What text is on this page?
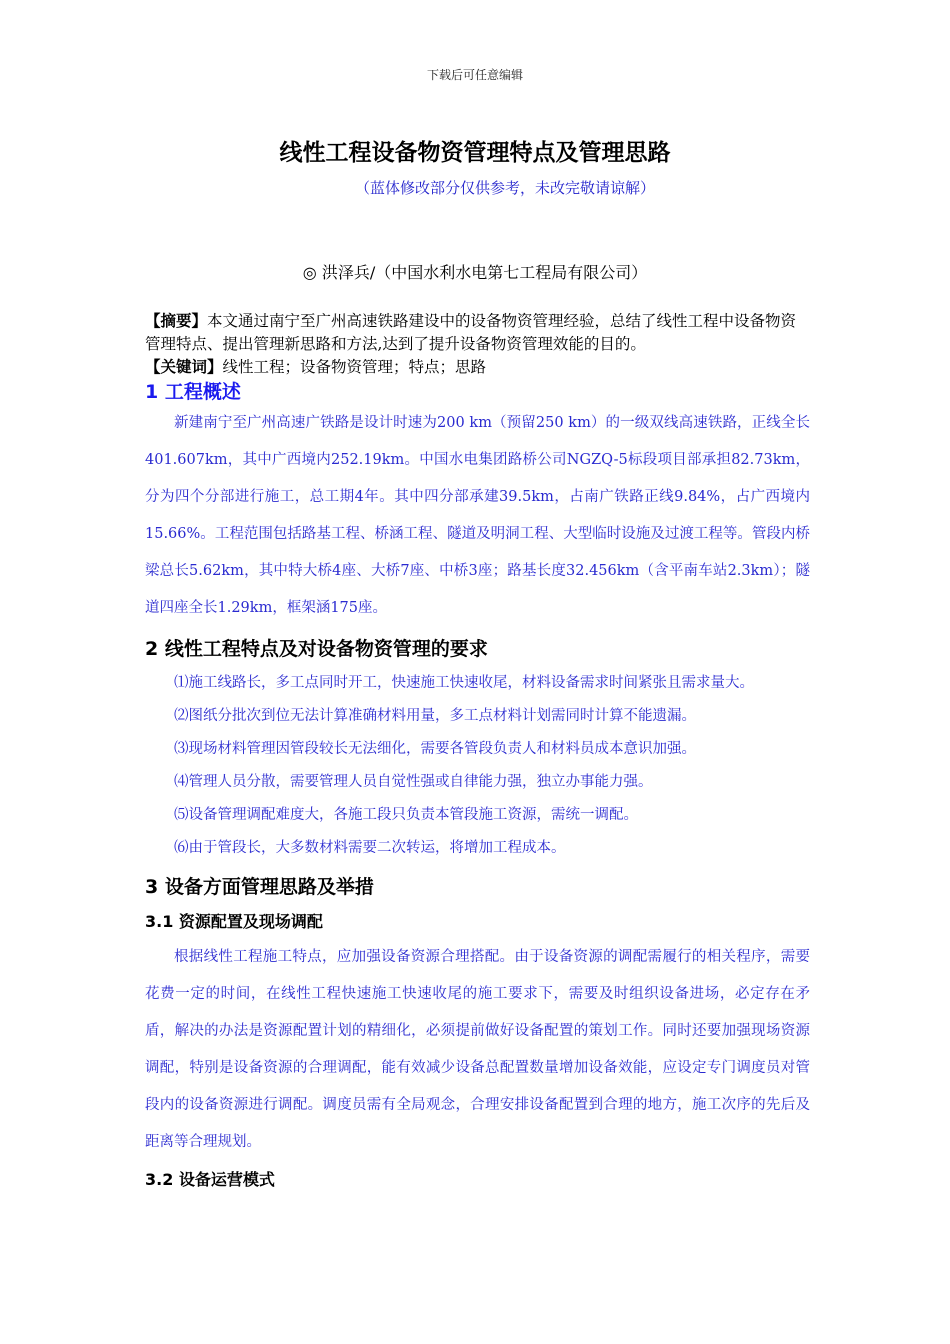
下载后可任意编辑
线性工程设备物资管理特点及管理思路
（蓝体修改部分仅供参考，未改完敬请谅解）
◎ 洪泽兵/（中国水利水电第七工程局有限公司）

【摘要】本文通过南宁至广州高速铁路建设中的设备物资管理经验，总结了线性工程中设备物资管理特点、提出管理新思路和方法,达到了提升设备物资管理效能的目的。

【关键词】线性工程；设备物资管理；特点；思路

1 工程概述

新建南宁至广州高速广铁路是设计时速为200 km（预留250 km）的一级双线高速铁路，正线全长401.607km，其中广西境内252.19km。中国水电集团路桥公司NGZQ-5标段项目部承担82.73km，分为四个分部进行施工，总工期4年。其中四分部承建39.5km，占南广铁路正线9.84%，占广西境内15.66%。工程范围包括路基工程、桥涵工程、隧道及明洞工程、大型临时设施及过渡工程等。管段内桥梁总长5.62km，其中特大桥4座、大桥7座、中桥3座；路基长度32.456km（含平南车站2.3km）；隧道四座全长1.29km，框架涵175座。

2 线性工程特点及对设备物资管理的要求

⑴施工线路长，多工点同时开工，快速施工快速收尾，材料设备需求时间紧张且需求量大。

⑵图纸分批次到位无法计算准确材料用量，多工点材料计划需同时计算不能遗漏。

⑶现场材料管理因管段较长无法细化，需要各管段负责人和材料员成本意识加强。

⑷管理人员分散，需要管理人员自觉性强或自律能力强，独立办事能力强。

⑸设备管理调配难度大，各施工段只负责本管段施工资源，需统一调配。

⑹由于管段长，大多数材料需要二次转运，将增加工程成本。

3 设备方面管理思路及举措
3.1 资源配置及现场调配

根据线性工程施工特点，应加强设备资源合理搭配。由于设备资源的调配需履行的相关程序，需要花费一定的时间，在线性工程快速施工快速收尾的施工要求下，需要及时组织设备进场，必定存在矛盾，解决的办法是资源配置计划的精细化，必须提前做好设备配置的策划工作。同时还要加强现场资源调配，特别是设备资源的合理调配，能有效减少设备总配置数量增加设备效能，应设定专门调度员对管段内的设备资源进行调配。调度员需有全局观念，合理安排设备配置到合理的地方，施工次序的先后及距离等合理规划。

3.2 设备运营模式
